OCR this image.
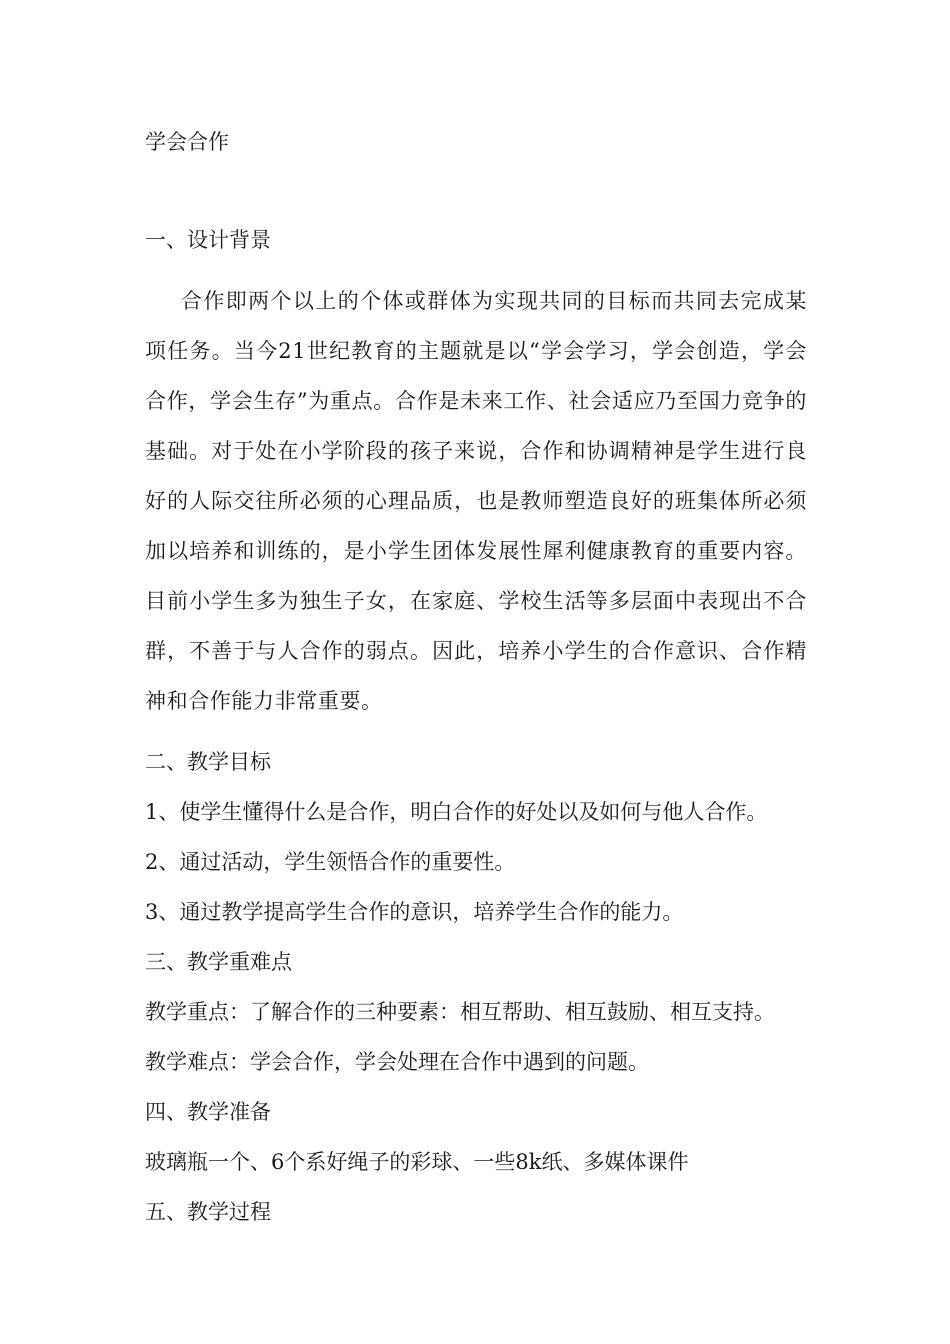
学会合作

一、设计背景

合作即两个以上的个体或群体为实现共同的目标而共同去完成某项任务。当今21世纪教育的主题就是以“学会学习，学会创造，学会合作，学会生存”为重点。合作是未来工作、社会适应乃至国力竞争的基础。对于处在小学阶段的孩子来说，合作和协调精神是学生进行良好的人际交往所必须的心理品质，也是教师塑造良好的班集体所必须加以培养和训练的，是小学生团体发展性犀利健康教育的重要内容。目前小学生多为独生子女，在家庭、学校生活等多层面中表现出不合群，不善于与人合作的弱点。因此，培养小学生的合作意识、合作精神和合作能力非常重要。

二、教学目标

1、使学生懂得什么是合作，明白合作的好处以及如何与他人合作。

2、通过活动，学生领悟合作的重要性。

3、通过教学提高学生合作的意识，培养学生合作的能力。

三、教学重难点

教学重点：了解合作的三种要素：相互帮助、相互鼓励、相互支持。

教学难点：学会合作，学会处理在合作中遇到的问题。

四、教学准备

玻璃瓶一个、6个系好绳子的彩球、一些8k纸、多媒体课件

五、教学过程
